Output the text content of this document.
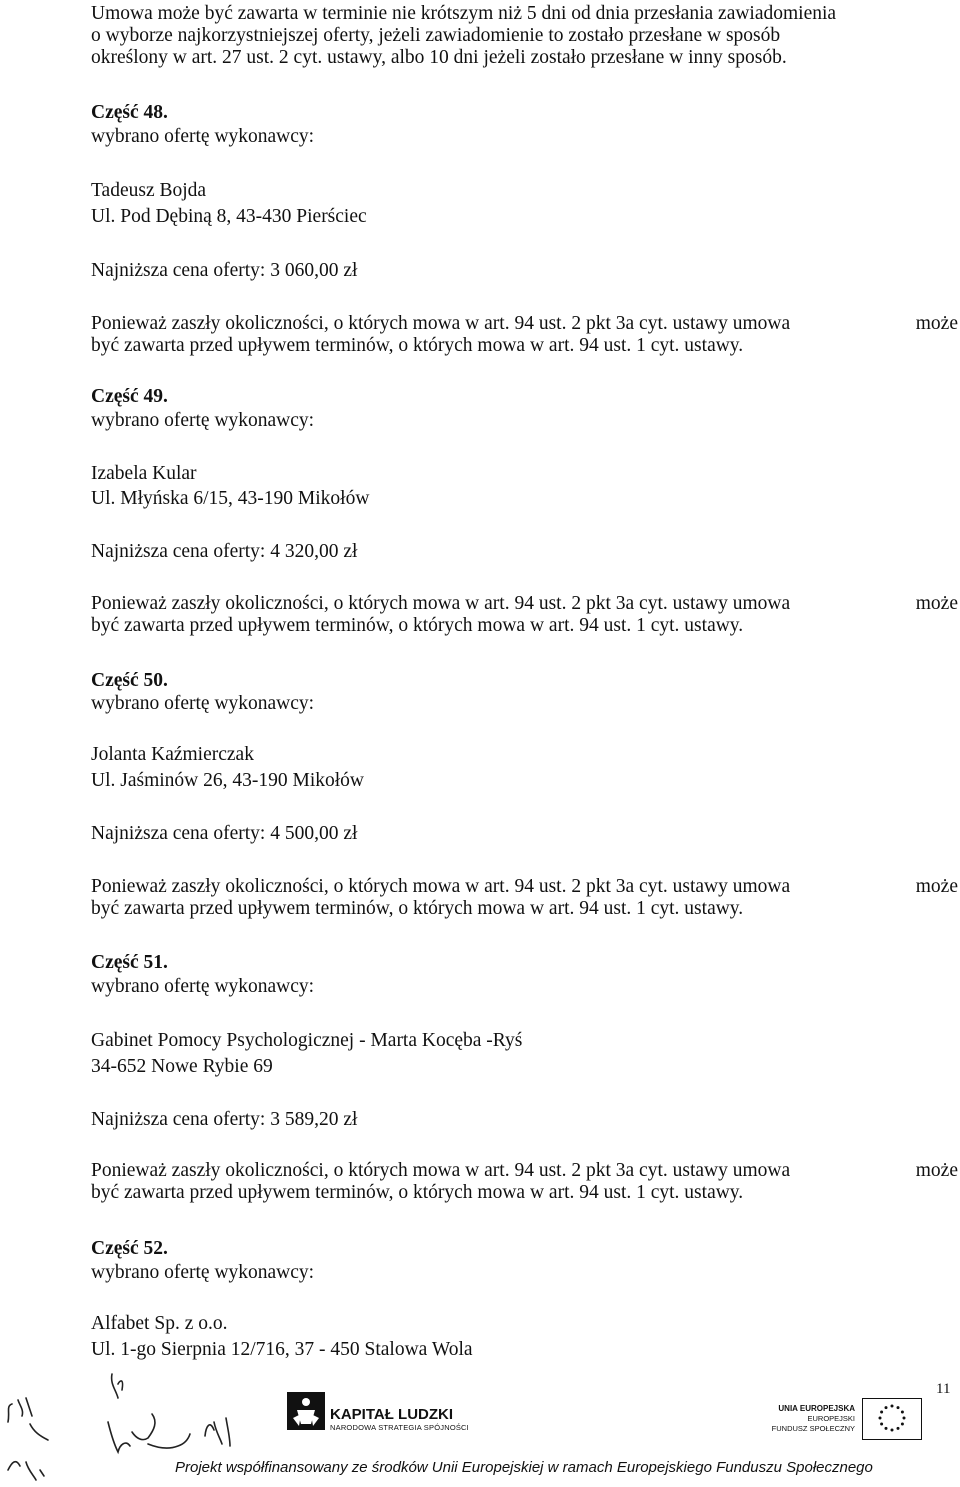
Umowa może być zawarta w terminie nie krótszym niż 5 dni od dnia przesłania zawiadomienia
o wyborze najkorzystniejszej oferty, jeżeli zawiadomienie to zostało przesłane w sposób
określony w art. 27 ust. 2 cyt. ustawy, albo 10 dni jeżeli zostało przesłane w inny sposób.
Część 48.
wybrano ofertę wykonawcy:
Tadeusz Bojda
Ul. Pod Dębiną 8, 43-430 Pierściec
Najniższa cena oferty: 3 060,00 zł
Ponieważ zaszły okoliczności, o których mowa w art. 94 ust. 2 pkt 3a cyt. ustawy umowa	może
być zawarta przed upływem terminów, o których mowa w art. 94 ust. 1 cyt. ustawy.
Część 49.
wybrano ofertę wykonawcy:
Izabela Kular
Ul. Młyńska 6/15, 43-190 Mikołów
Najniższa cena oferty: 4 320,00 zł
Ponieważ zaszły okoliczności, o których mowa w art. 94 ust. 2 pkt 3a cyt. ustawy umowa	może
być zawarta przed upływem terminów, o których mowa w art. 94 ust. 1 cyt. ustawy.
Część 50.
wybrano ofertę wykonawcy:
Jolanta Kaźmierczak
Ul. Jaśminów 26, 43-190 Mikołów
Najniższa cena oferty: 4 500,00 zł
Ponieważ zaszły okoliczności, o których mowa w art. 94 ust. 2 pkt 3a cyt. ustawy umowa	może
być zawarta przed upływem terminów, o których mowa w art. 94 ust. 1 cyt. ustawy.
Część 51.
wybrano ofertę wykonawcy:
Gabinet Pomocy Psychologicznej - Marta Kocęba -Ryś
34-652 Nowe Rybie 69
Najniższa cena oferty: 3 589,20 zł
Ponieważ zaszły okoliczności, o których mowa w art. 94 ust. 2 pkt 3a cyt. ustawy umowa	może
być zawarta przed upływem terminów, o których mowa w art. 94 ust. 1 cyt. ustawy.
Część 52.
wybrano ofertę wykonawcy:
Alfabet Sp. z o.o.
Ul. 1-go Sierpnia 12/716, 37 - 450 Stalowa Wola
11
KAPITAŁ LUDZKI
NARODOWA STRATEGIA SPÓJNOŚCI
UNIA EUROPEJSKA
EUROPEJSKI
FUNDUSZ SPOŁECZNY
Projekt współfinansowany ze środków Unii Europejskiej w ramach Europejskiego Funduszu Społecznego
